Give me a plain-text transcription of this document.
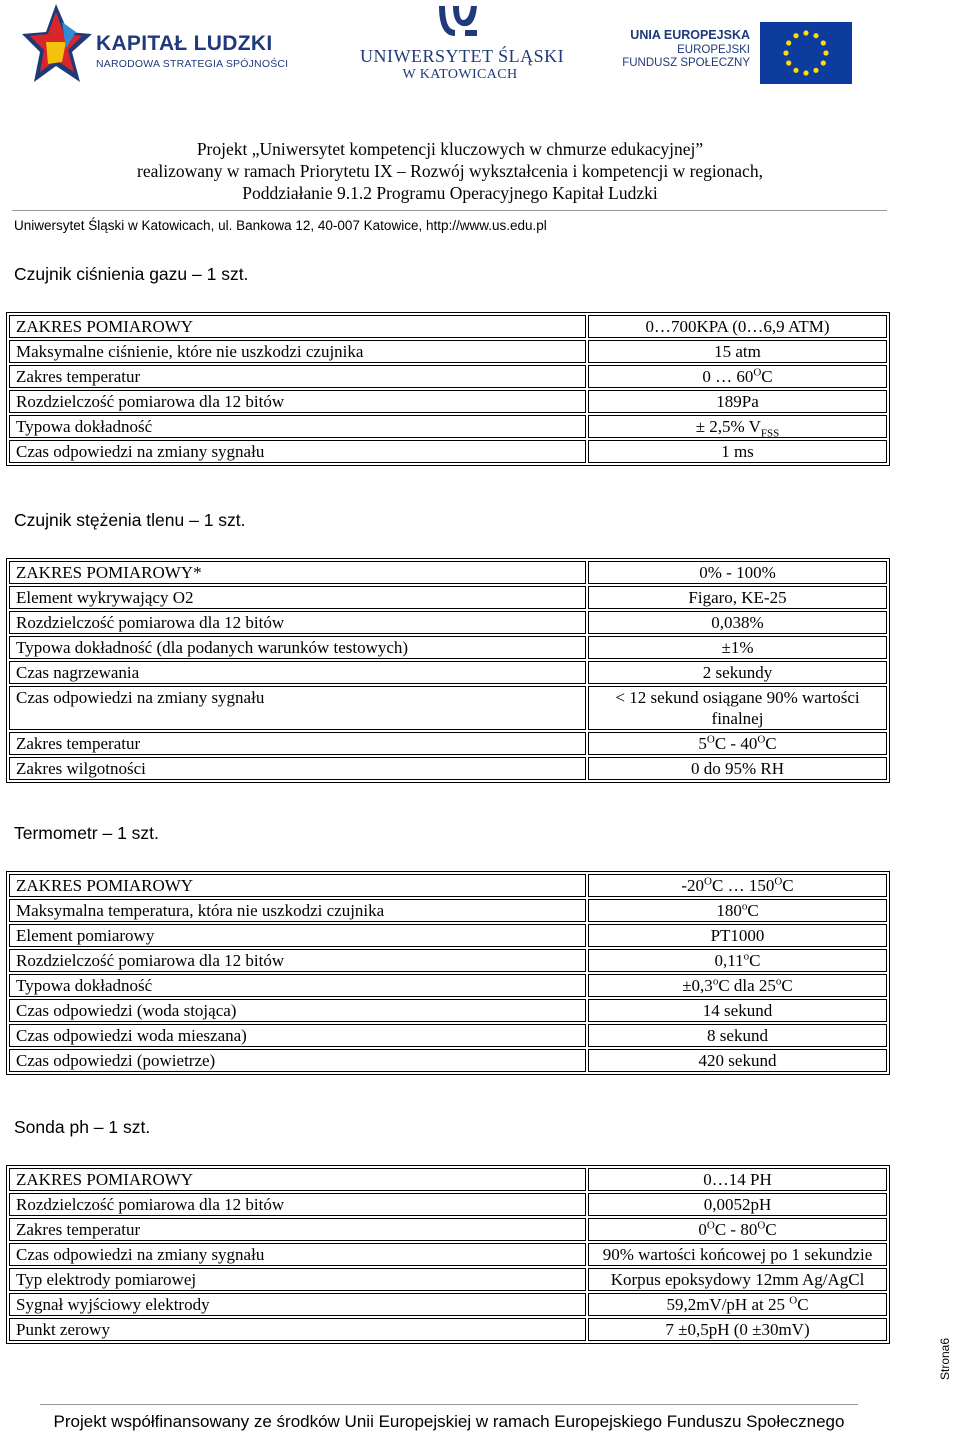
KAPITAŁ LUDZKI
NARODOWA STRATEGIA SPÓJNOŚCI	UNIWERSYTET ŚLĄSKI
W KATOWICACH
UNIA EUROPEJSKA
EUROPEJSKI
FUNDUSZ SPOŁECZNY
Projekt „Uniwersytet kompetencji kluczowych w chmurze edukacyjnej”
realizowany w ramach Priorytetu IX – Rozwój wykształcenia i kompetencji w regionach,
Poddziałanie 9.1.2 Programu Operacyjnego Kapitał Ludzki
Uniwersytet Śląski w Katowicach, ul. Bankowa 12, 40-007 Katowice, http://www.us.edu.pl
Czujnik ciśnienia gazu – 1 szt.
ZAKRES POMIAROWY	0…700KPA (0…6,9 ATM)
Maksymalne ciśnienie, które nie uszkodzi czujnika	15 atm
Zakres temperatur	0 … $60^OC$
Rozdzielczość pomiarowa dla 12 bitów	189Pa
Typowa dokładność	± 2,5% $V_{FSS}$
Czas odpowiedzi na zmiany sygnału	1 ms
Czujnik stężenia tlenu – 1 szt.
ZAKRES POMIAROWY*	0% - 100%
Element wykrywający O2	Figaro, KE-25
Rozdzielczość pomiarowa dla 12 bitów	0,038%
Typowa dokładność (dla podanych warunków testowych)	±1%
Czas nagrzewania	2 sekundy
Czas odpowiedzi na zmiany sygnału	< 12 sekund osiągane 90% wartości finalnej
Zakres temperatur	$5^OC - 40^OC$
Zakres wilgotności	0 do 95% RH
Termometr – 1 szt.
ZAKRES POMIAROWY	$-20^OC$ … $150^OC$
Maksymalna temperatura, która nie uszkodzi czujnika	180$^o$C
Element pomiarowy	PT1000
Rozdzielczość pomiarowa dla 12 bitów	0,11$^o$C
Typowa dokładność	$\pm 0,3^oC$ dla 25$^o$C
Czas odpowiedzi (woda stojąca)	14 sekund
Czas odpowiedzi woda mieszana)	8 sekund
Czas odpowiedzi (powietrze)	420 sekund
Sonda ph – 1 szt.
ZAKRES POMIAROWY	0…14 PH
Rozdzielczość pomiarowa dla 12 bitów	0,0052pH
Zakres temperatur	$0^OC - 80^OC$
Czas odpowiedzi na zmiany sygnału	90% wartości końcowej po 1 sekundzie
Typ elektrody pomiarowej	Korpus epoksydowy 12mm Ag/AgCl
Sygnał wyjściowy elektrody	59,2mV/pH at 25 $^O$C
Punkt zerowy	7 ±0,5pH (0 ±30mV)
Strona6
Projekt współfinansowany ze środków Unii Europejskiej w ramach Europejskiego Funduszu Społecznego
